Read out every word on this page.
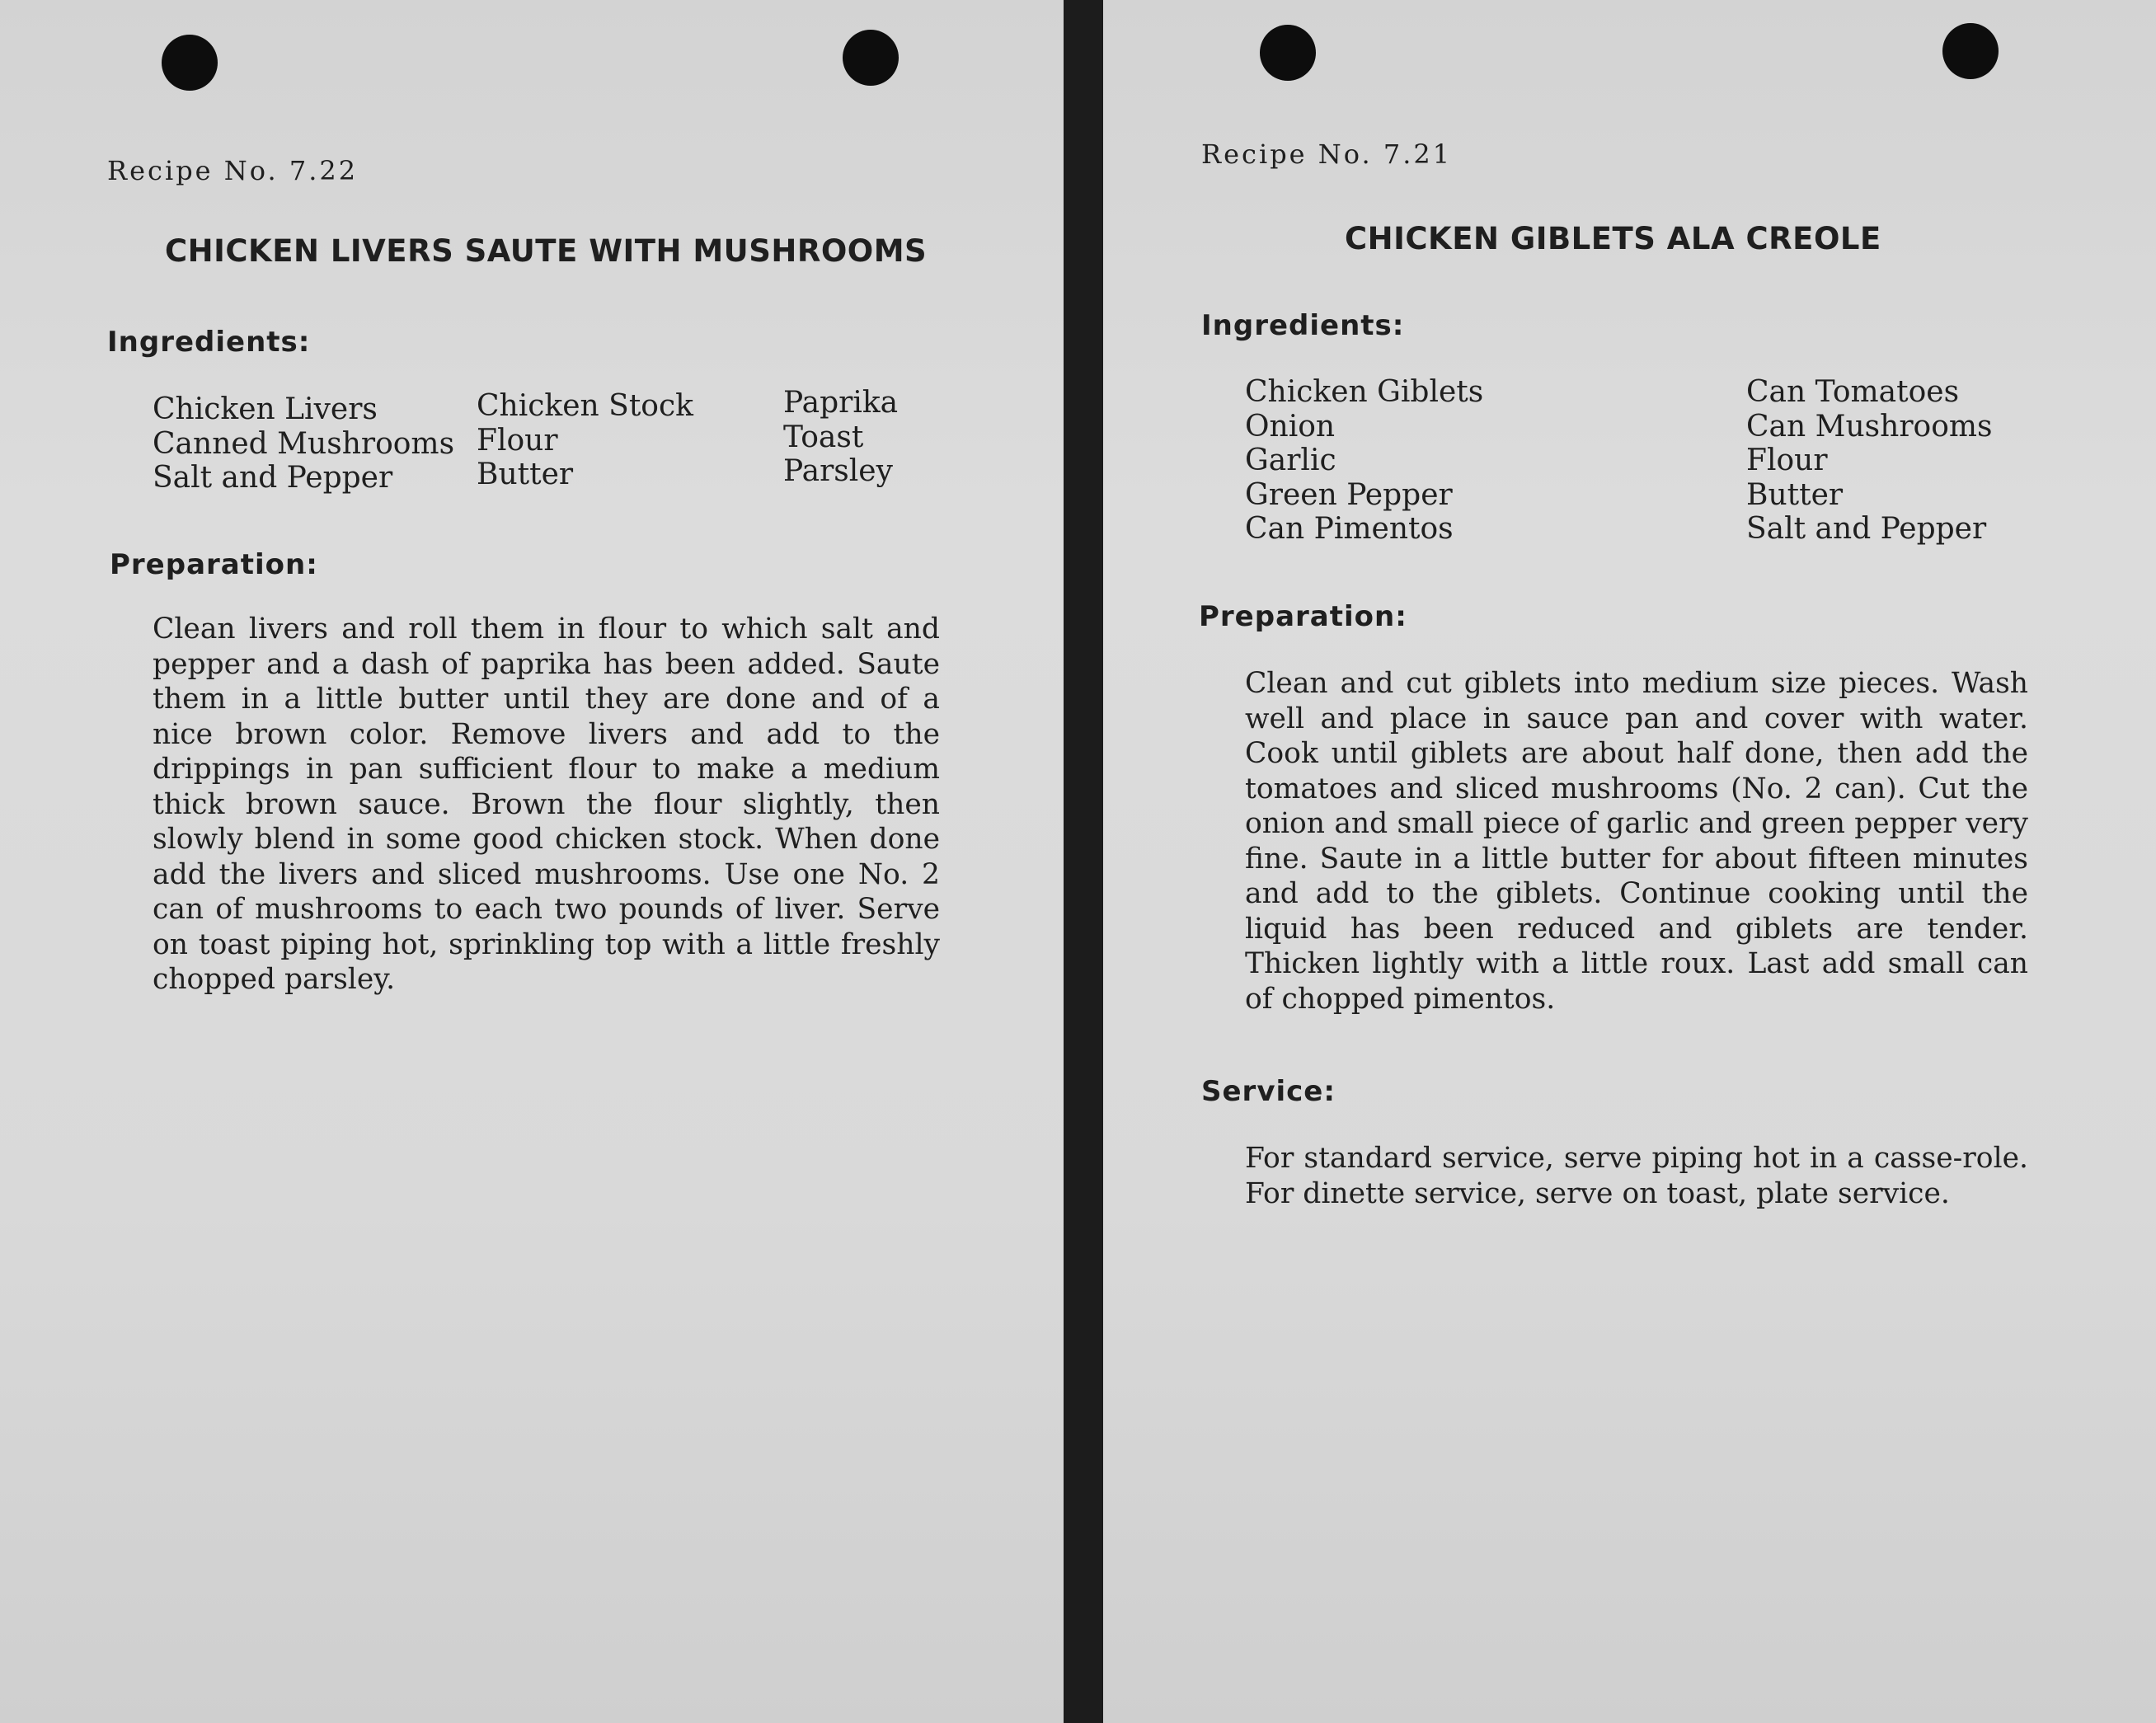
Recipe No. 7.22
CHICKEN LIVERS SAUTE WITH MUSHROOMS
Ingredients:
Chicken Livers
Canned Mushrooms
Salt and Pepper
Chicken Stock
Flour
Butter
Paprika
Toast
Parsley
Preparation:
Clean livers and roll them in flour to which salt and pepper and a dash of paprika has been added. Saute them in a little butter until they are done and of a nice brown color. Remove livers and add to the drippings in pan sufficient flour to make a medium thick brown sauce. Brown the flour slightly, then slowly blend in some good chicken stock. When done add the livers and sliced mushrooms. Use one No. 2 can of mushrooms to each two pounds of liver. Serve on toast piping hot, sprinkling top with a little freshly chopped parsley.
Recipe No. 7.21
CHICKEN GIBLETS ALA CREOLE
Ingredients:
Chicken Giblets
Onion
Garlic
Green Pepper
Can Pimentos
Can Tomatoes
Can Mushrooms
Flour
Butter
Salt and Pepper
Preparation:
Clean and cut giblets into medium size pieces. Wash well and place in sauce pan and cover with water. Cook until giblets are about half done, then add the tomatoes and sliced mushrooms (No. 2 can). Cut the onion and small piece of garlic and green pepper very fine. Saute in a little butter for about fifteen minutes and add to the giblets. Continue cooking until the liquid has been reduced and giblets are tender. Thicken lightly with a little roux. Last add small can of chopped pimentos.
Service:
For standard service, serve piping hot in a casse-role. For dinette service, serve on toast, plate service.
